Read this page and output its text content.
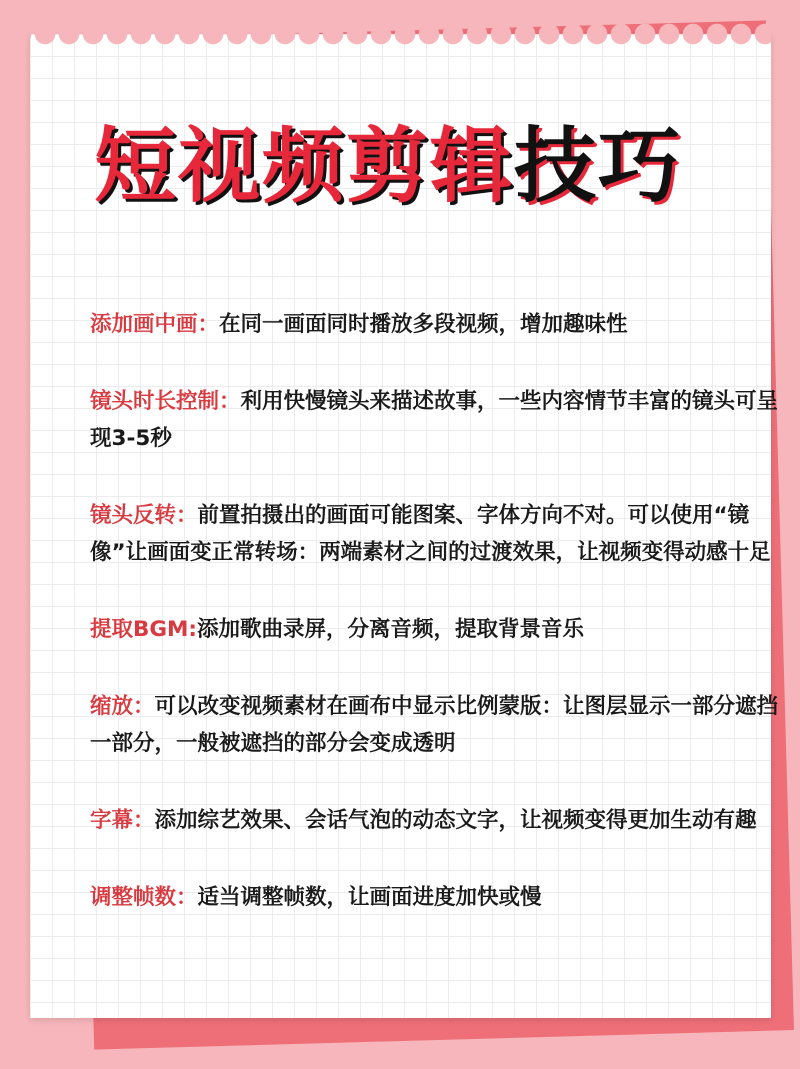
短视频剪辑技巧

添加画中画：在同一画面同时播放多段视频，增加趣味性

镜头时长控制：利用快慢镜头来描述故事，一些内容情节丰富的镜头可呈现3-5秒

镜头反转：前置拍摄出的画面可能图案、字体方向不对。可以使用“镜像”让画面变正常转场：两端素材之间的过渡效果，让视频变得动感十足

提取BGM:添加歌曲录屏，分离音频，提取背景音乐

缩放：可以改变视频素材在画布中显示比例蒙版：让图层显示一部分遮挡一部分，一般被遮挡的部分会变成透明

字幕：添加综艺效果、会话气泡的动态文字，让视频变得更加生动有趣

调整帧数：适当调整帧数，让画面进度加快或慢
